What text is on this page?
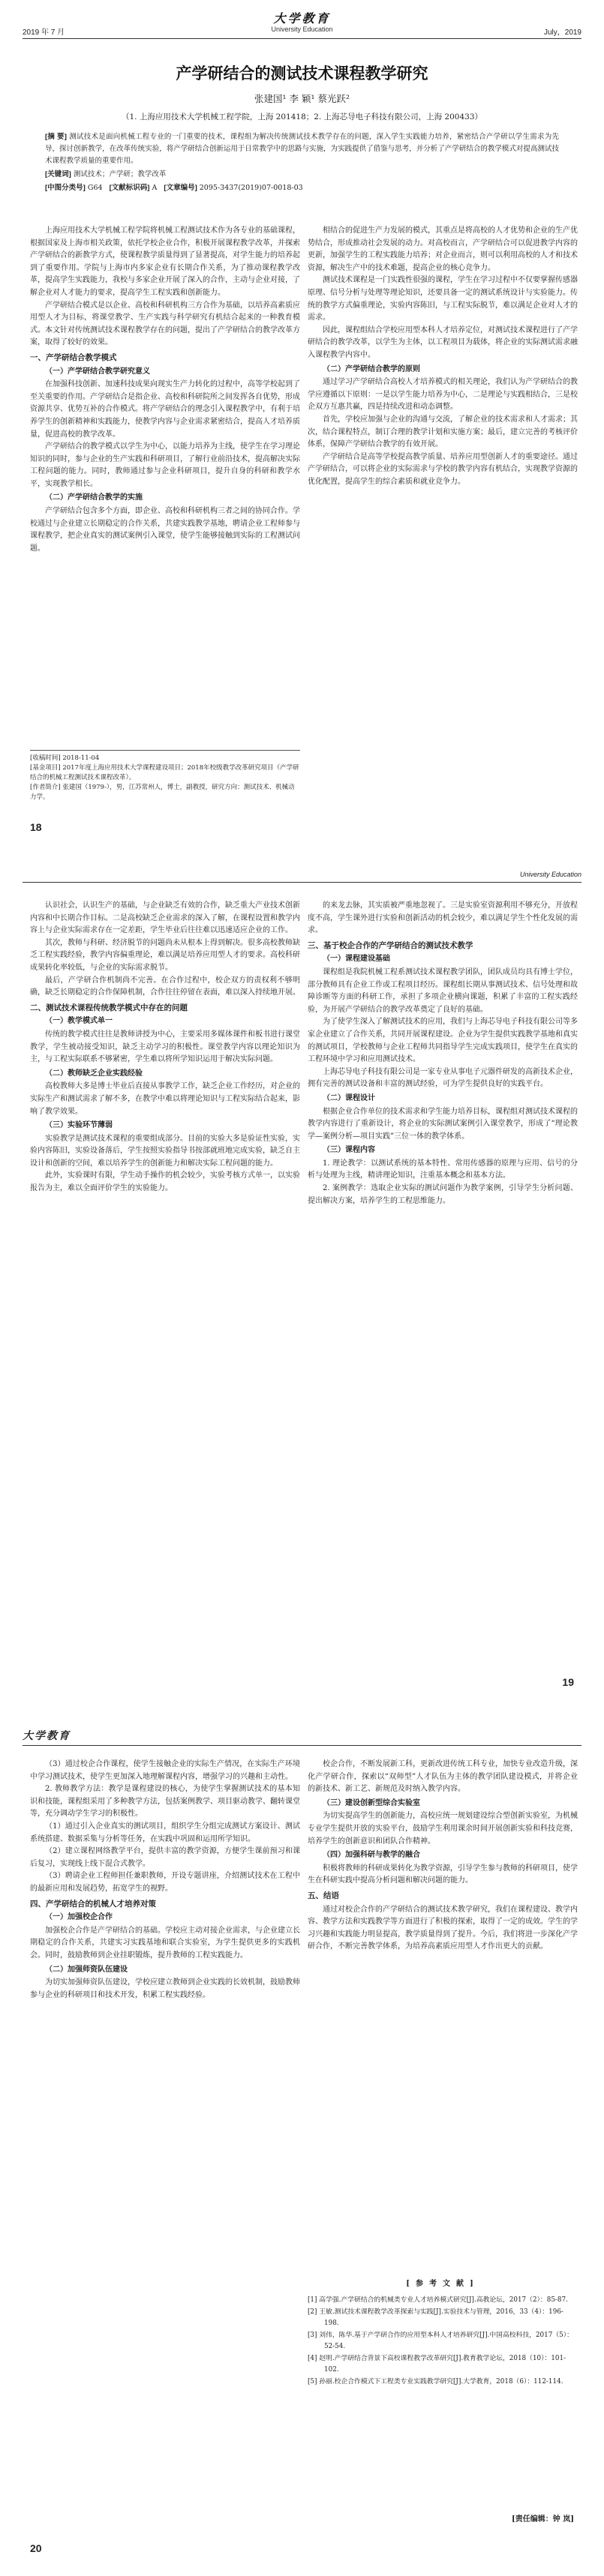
2019 年 7 月
大学教育
University Education	July，2019
产学研结合的测试技术课程教学研究
张建国¹ 李 颖¹ 蔡光跃²
（1. 上海应用技术大学机械工程学院，上海 201418；2. 上海芯导电子科技有限公司，上海 200433）

[摘 要] 测试技术是面向机械工程专业的一门重要的技术，课程组为解决传统测试技术教学存在的问题，深入学生实践能力培养，紧密结合产学研以学生需求为先导，探讨创新教学，在改革传统实验，将产学研结合创新运用于日常教学中的思路与实施，为实践提供了借鉴与思考，并分析了产学研结合的教学模式对提高测试技术课程教学质量的重要作用。

[关键词] 测试技术；产学研；教学改革

[中图分类号] G64 [文献标识码] A [文章编号] 2095-3437(2019)07-0018-03

上海应用技术大学机械工程学院将机械工程测试技术作为各专业的基础课程，根据国家及上海市相关政策，依托学校企业合作，积极开展课程教学改革，并探索产学研结合的新教学方式，使课程教学质量得到了显著提高，对学生能力的培养起到了重要作用。学院与上海市内多家企业有长期合作关系，为了推动课程教学改革，提高学生实践能力，我校与多家企业开展了深入的合作，主动与企业对接，了解企业对人才能力的要求，提高学生工程实践和创新能力。

产学研结合模式是以企业、高校和科研机构三方合作为基础，以培养高素质应用型人才为目标，将课堂教学、生产实践与科学研究有机结合起来的一种教育模式。本文针对传统测试技术课程教学存在的问题，提出了产学研结合的教学改革方案，取得了较好的效果。

一、产学研结合教学模式
（一）产学研结合教学研究意义

在加强科技创新、加速科技成果向现实生产力转化的过程中，高等学校起到了至关重要的作用。产学研结合是指企业、高校和科研院所之间发挥各自优势，形成资源共享、优势互补的合作模式。将产学研结合的理念引入课程教学中，有利于培养学生的创新精神和实践能力，使教学内容与企业需求紧密结合，提高人才培养质量，促进高校的教学改革。

产学研结合的教学模式以学生为中心，以能力培养为主线，使学生在学习理论知识的同时，参与企业的生产实践和科研项目，了解行业前沿技术，提高解决实际工程问题的能力。同时，教师通过参与企业科研项目，提升自身的科研和教学水平，实现教学相长。

（二）产学研结合教学的实施

产学研结合包含多个方面，即企业、高校和科研机构三者之间的协同合作。学校通过与企业建立长期稳定的合作关系，共建实践教学基地，聘请企业工程师参与课程教学，把企业真实的测试案例引入课堂，使学生能够接触到实际的工程测试问题。

相结合的促进生产力发展的模式，其重点是将高校的人才优势和企业的生产优势结合，形成推动社会发展的动力。对高校而言，产学研结合可以促进教学内容的更新，加强学生的工程实践能力培养；对企业而言，则可以利用高校的人才和技术资源，解决生产中的技术难题，提高企业的核心竞争力。

测试技术课程是一门实践性很强的课程，学生在学习过程中不仅要掌握传感器原理、信号分析与处理等理论知识，还要具备一定的测试系统设计与实验能力。传统的教学方式偏重理论，实验内容陈旧，与工程实际脱节，难以满足企业对人才的需求。

因此，课程组结合学校应用型本科人才培养定位，对测试技术课程进行了产学研结合的教学改革，以学生为主体，以工程项目为载体，将企业的实际测试需求融入课程教学内容中。

（二）产学研结合教学的原则

通过学习产学研结合高校人才培养模式的相关理论，我们认为产学研结合的教学应遵循以下原则：一是以学生能力培养为中心，二是理论与实践相结合，三是校企双方互惠共赢，四是持续改进和动态调整。

首先，学校应加强与企业的沟通与交流，了解企业的技术需求和人才需求；其次，结合课程特点，制订合理的教学计划和实施方案；最后，建立完善的考核评价体系，保障产学研结合教学的有效开展。

产学研结合是高等学校提高教学质量、培养应用型创新人才的重要途径。通过产学研结合，可以将企业的实际需求与学校的教学内容有机结合，实现教学资源的优化配置，提高学生的综合素质和就业竞争力。

[收稿时间] 2018-11-04
[基金项目] 2017年度上海应用技术大学课程建设项目；2018年校级教学改革研究项目（产学研结合的机械工程测试技术课程改革）。
[作者简介] 张建国（1979-），男，江苏常州人，博士，副教授，研究方向：测试技术、机械动力学。
18
University Education

认识社会，认识生产的基础，与企业缺乏有效的合作，缺乏重大产业技术创新内容和中长期合作目标。二是高校缺乏企业需求的深入了解，在课程设置和教学内容上与企业实际需求存在一定差距，学生毕业后往往难以迅速适应企业的工作。

其次，教师与科研、经济脱节的问题尚未从根本上得到解决。很多高校教师缺乏工程实践经验，教学内容偏重理论，难以满足培养应用型人才的要求。高校科研成果转化率较低，与企业的实际需求脱节。

最后，产学研合作机制尚不完善。在合作过程中，校企双方的责权利不够明确，缺乏长期稳定的合作保障机制，合作往往停留在表面，难以深入持续地开展。

二、测试技术课程传统教学模式中存在的问题
（一）教学模式单一

传统的教学模式往往是教师讲授为中心，主要采用多媒体课件和板书进行课堂教学，学生被动接受知识，缺乏主动学习的积极性。课堂教学内容以理论知识为主，与工程实际联系不够紧密，学生难以将所学知识运用于解决实际问题。

（二）教师缺乏企业实践经验

高校教师大多是博士毕业后直接从事教学工作，缺乏企业工作经历，对企业的实际生产和测试需求了解不多，在教学中难以将理论知识与工程实际结合起来，影响了教学效果。

（三）实验环节薄弱

实验教学是测试技术课程的重要组成部分。目前的实验大多是验证性实验，实验内容陈旧，实验设备落后，学生按照实验指导书按部就班地完成实验，缺乏自主设计和创新的空间，难以培养学生的创新能力和解决实际工程问题的能力。

此外，实验课时有限，学生动手操作的机会较少，实验考核方式单一，以实验报告为主，难以全面评价学生的实验能力。

的来龙去脉，其实质被严重地忽视了。三是实验室资源利用不够充分，开放程度不高，学生课外进行实验和创新活动的机会较少，难以满足学生个性化发展的需求。

三、基于校企合作的产学研结合的测试技术教学
（一）课程建设基础

课程组是我院机械工程系测试技术课程教学团队，团队成员均具有博士学位，部分教师具有企业工作或工程项目经历。课程组长期从事测试技术、信号处理和故障诊断等方面的科研工作，承担了多项企业横向课题，积累了丰富的工程实践经验，为开展产学研结合的教学改革奠定了良好的基础。

为了使学生深入了解测试技术的应用，我们与上海芯导电子科技有限公司等多家企业建立了合作关系，共同开展课程建设。企业为学生提供实践教学基地和真实的测试项目，学校教师与企业工程师共同指导学生完成实践项目，使学生在真实的工程环境中学习和应用测试技术。

上海芯导电子科技有限公司是一家专业从事电子元器件研发的高新技术企业，拥有完善的测试设备和丰富的测试经验，可为学生提供良好的实践平台。

（二）课程设计

根据企业合作单位的技术需求和学生能力培养目标，课程组对测试技术课程的教学内容进行了重新设计，将企业的实际测试案例引入课堂教学，形成了“理论教学—案例分析—项目实践”三位一体的教学体系。

（三）课程内容

1. 理论教学：以测试系统的基本特性、常用传感器的原理与应用、信号的分析与处理为主线，精讲理论知识，注重基本概念和基本方法。

2. 案例教学：选取企业实际的测试问题作为教学案例，引导学生分析问题、提出解决方案，培养学生的工程思维能力。

19
大学教育

（3）通过校企合作课程，使学生接触企业的实际生产情况，在实际生产环境中学习测试技术，使学生更加深入地理解课程内容，增强学习的兴趣和主动性。

2. 教师教学方法：教学是课程建设的核心，为使学生掌握测试技术的基本知识和技能，课程组采用了多种教学方法，包括案例教学、项目驱动教学、翻转课堂等，充分调动学生学习的积极性。

（1）通过引入企业真实的测试项目，组织学生分组完成测试方案设计、测试系统搭建、数据采集与分析等任务，在实践中巩固和运用所学知识。

（2）建立课程网络教学平台，提供丰富的教学资源，方便学生课前预习和课后复习，实现线上线下混合式教学。

（3）聘请企业工程师担任兼职教师，开设专题讲座，介绍测试技术在工程中的最新应用和发展趋势，拓宽学生的视野。

四、产学研结合的机械人才培养对策
（一）加强校企合作

加强校企合作是产学研结合的基础。学校应主动对接企业需求，与企业建立长期稳定的合作关系，共建实习实践基地和联合实验室，为学生提供更多的实践机会。同时，鼓励教师到企业挂职锻炼，提升教师的工程实践能力。

（二）加强师资队伍建设

为切实加强师资队伍建设，学校应建立教师到企业实践的长效机制，鼓励教师参与企业的科研项目和技术开发，积累工程实践经验。

校企合作，不断发展新工科，更新改进传统工科专业，加快专业改造升级，深化产学研合作，探索以“双师型”人才队伍为主体的教学团队建设模式，并将企业的新技术、新工艺、新规范及时纳入教学内容。

（三）建设创新型综合实验室

为切实提高学生的创新能力，高校应统一规划建设综合型创新实验室，为机械专业学生提供开放的实验平台，鼓励学生利用课余时间开展创新实验和科技竞赛，培养学生的创新意识和团队合作精神。

（四）加强科研与教学的融合

积极将教师的科研成果转化为教学资源，引导学生参与教师的科研项目，使学生在科研实践中提高分析问题和解决问题的能力。

五、结语

通过对校企合作的产学研结合的测试技术教学研究，我们在课程建设、教学内容、教学方法和实践教学等方面进行了积极的探索，取得了一定的成效。学生的学习兴趣和实践能力明显提高，教学质量得到了提升。今后，我们将进一步深化产学研合作，不断完善教学体系，为培养高素质应用型人才作出更大的贡献。

[参考文献]
[1] 高学强.产学研结合的机械类专业人才培养模式研究[J].高教论坛，2017（2）：85-87.
[2] 王敏.测试技术课程教学改革探索与实践[J].实验技术与管理，2016，33（4）：196-198.
[3] 刘伟，陈华.基于产学研合作的应用型本科人才培养研究[J].中国高校科技，2017（5）：52-54.
[4] 赵明.产学研结合背景下高校课程教学改革研究[J].教育教学论坛，2018（10）：101-102.
[5] 孙丽.校企合作模式下工程类专业实践教学研究[J].大学教育，2018（6）：112-114.
[责任编辑：钟 岚]
20
